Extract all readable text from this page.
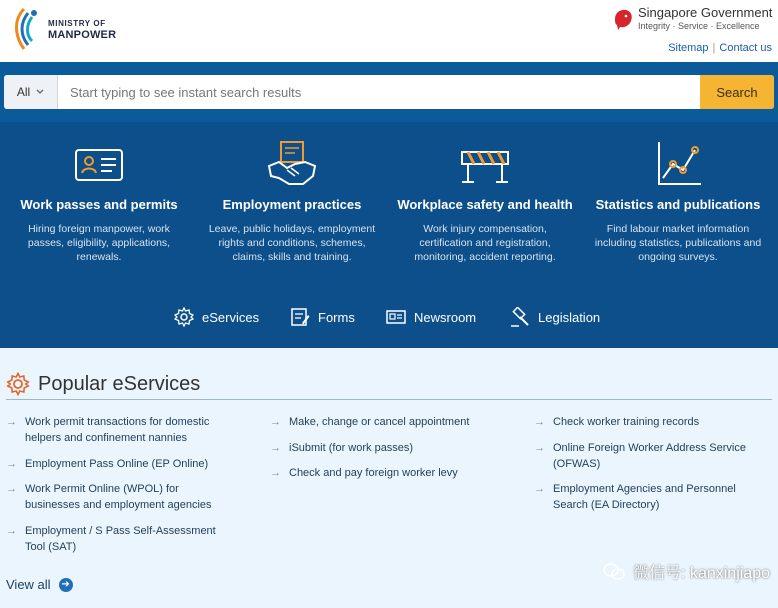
MINISTRY OF
MANPOWER
Singapore Government
Integrity · Service · Excellence
Sitemap | Contact us
All
Start typing to see instant search results	Search
Work passes and permits
Hiring foreign manpower, work passes, eligibility, applications, renewals.
Employment practices
Leave, public holidays, employment rights and conditions, schemes, claims, skills and training.
Workplace safety and health
Work injury compensation, certification and registration, monitoring, accident reporting.
Statistics and publications
Find labour market information including statistics, publications and ongoing surveys.
eServices	Forms	Newsroom	Legislation
Popular eServices
→ Work permit transactions for domestic helpers and confinement nannies
→ Employment Pass Online (EP Online)
→ Work Permit Online (WPOL) for businesses and employment agencies
→ Employment / S Pass Self-Assessment Tool (SAT)
→ Make, change or cancel appointment
→ iSubmit (for work passes)
→ Check and pay foreign worker levy
→ Check worker training records
→ Online Foreign Worker Address Service (OFWAS)
→ Employment Agencies and Personnel Search (EA Directory)
View all ➔
微信号: kanxinjiapo
